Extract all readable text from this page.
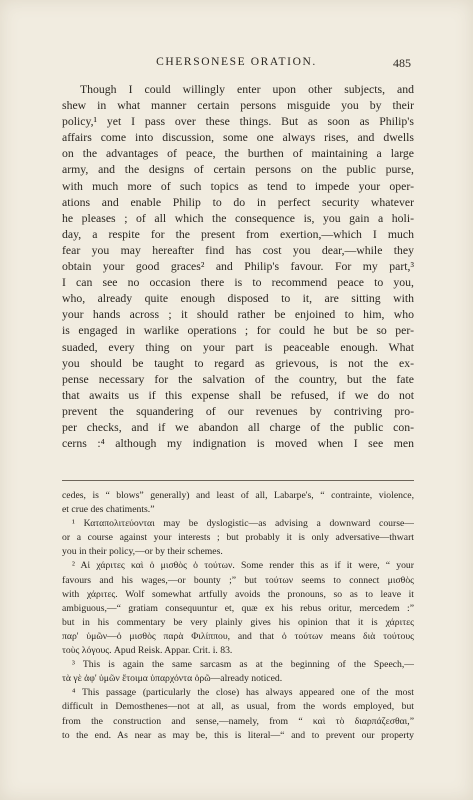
CHERSONESE ORATION.	485

Though I could willingly enter upon other subjects, and
shew in what manner certain persons misguide you by their
policy,¹ yet I pass over these things. But as soon as Philip's
affairs come into discussion, some one always rises, and dwells
on the advantages of peace, the burthen of maintaining a large
army, and the designs of certain persons on the public purse,
with much more of such topics as tend to impede your oper-
ations and enable Philip to do in perfect security whatever
he pleases ; of all which the consequence is, you gain a holi-
day, a respite for the present from exertion,—which I much
fear you may hereafter find has cost you dear,—while they
obtain your good graces² and Philip's favour. For my part,³
I can see no occasion there is to recommend peace to you,
who, already quite enough disposed to it, are sitting with
your hands across ; it should rather be enjoined to him, who
is engaged in warlike operations ; for could he but be so per-
suaded, every thing on your part is peaceable enough. What
you should be taught to regard as grievous, is not the ex-
pense necessary for the salvation of the country, but the fate
that awaits us if this expense shall be refused, if we do not
prevent the squandering of our revenues by contriving pro-
per checks, and if we abandon all charge of the public con-
cerns :⁴ although my indignation is moved when I see men

cedes, is “ blows” generally) and least of all, Labarpe's, “ contrainte, violence,
et crue des chatiments.”
¹ Καταπολιτεύονται may be dyslogistic—as advising a downward course—
or a course against your interests ; but probably it is only adversative—thwart
you in their policy,—or by their schemes.
² Αἱ χάριτες καὶ ὁ μισθὸς ὁ τούτων. Some render this as if it were, “ your
favours and his wages,—or bounty ;” but τούτων seems to connect μισθὸς
with χάριτες. Wolf somewhat artfully avoids the pronouns, so as to leave it
ambiguous,—“ gratiam consequuntur et, quæ ex his rebus oritur, mercedem :”
but in his commentary be very plainly gives his opinion that it is χάριτες
παρ' ὑμῶν—ὁ μισθὸς παρὰ Φιλίππου, and that ὁ τούτων means διὰ τούτους
τοὺς λόγους. Apud Reisk. Appar. Crit. i. 83.
³ This is again the same sarcasm as at the beginning of the Speech,—
τὰ γὲ ἀφ' ὑμῶν ἕτοιμα ὑπαρχόντα ὁρῶ—already noticed.
⁴ This passage (particularly the close) has always appeared one of the most
difficult in Demosthenes—not at all, as usual, from the words employed, but
from the construction and sense,—namely, from “ καὶ τὸ διαρπάζεσθαι,”
to the end. As near as may be, this is literal—“ and to prevent our property
